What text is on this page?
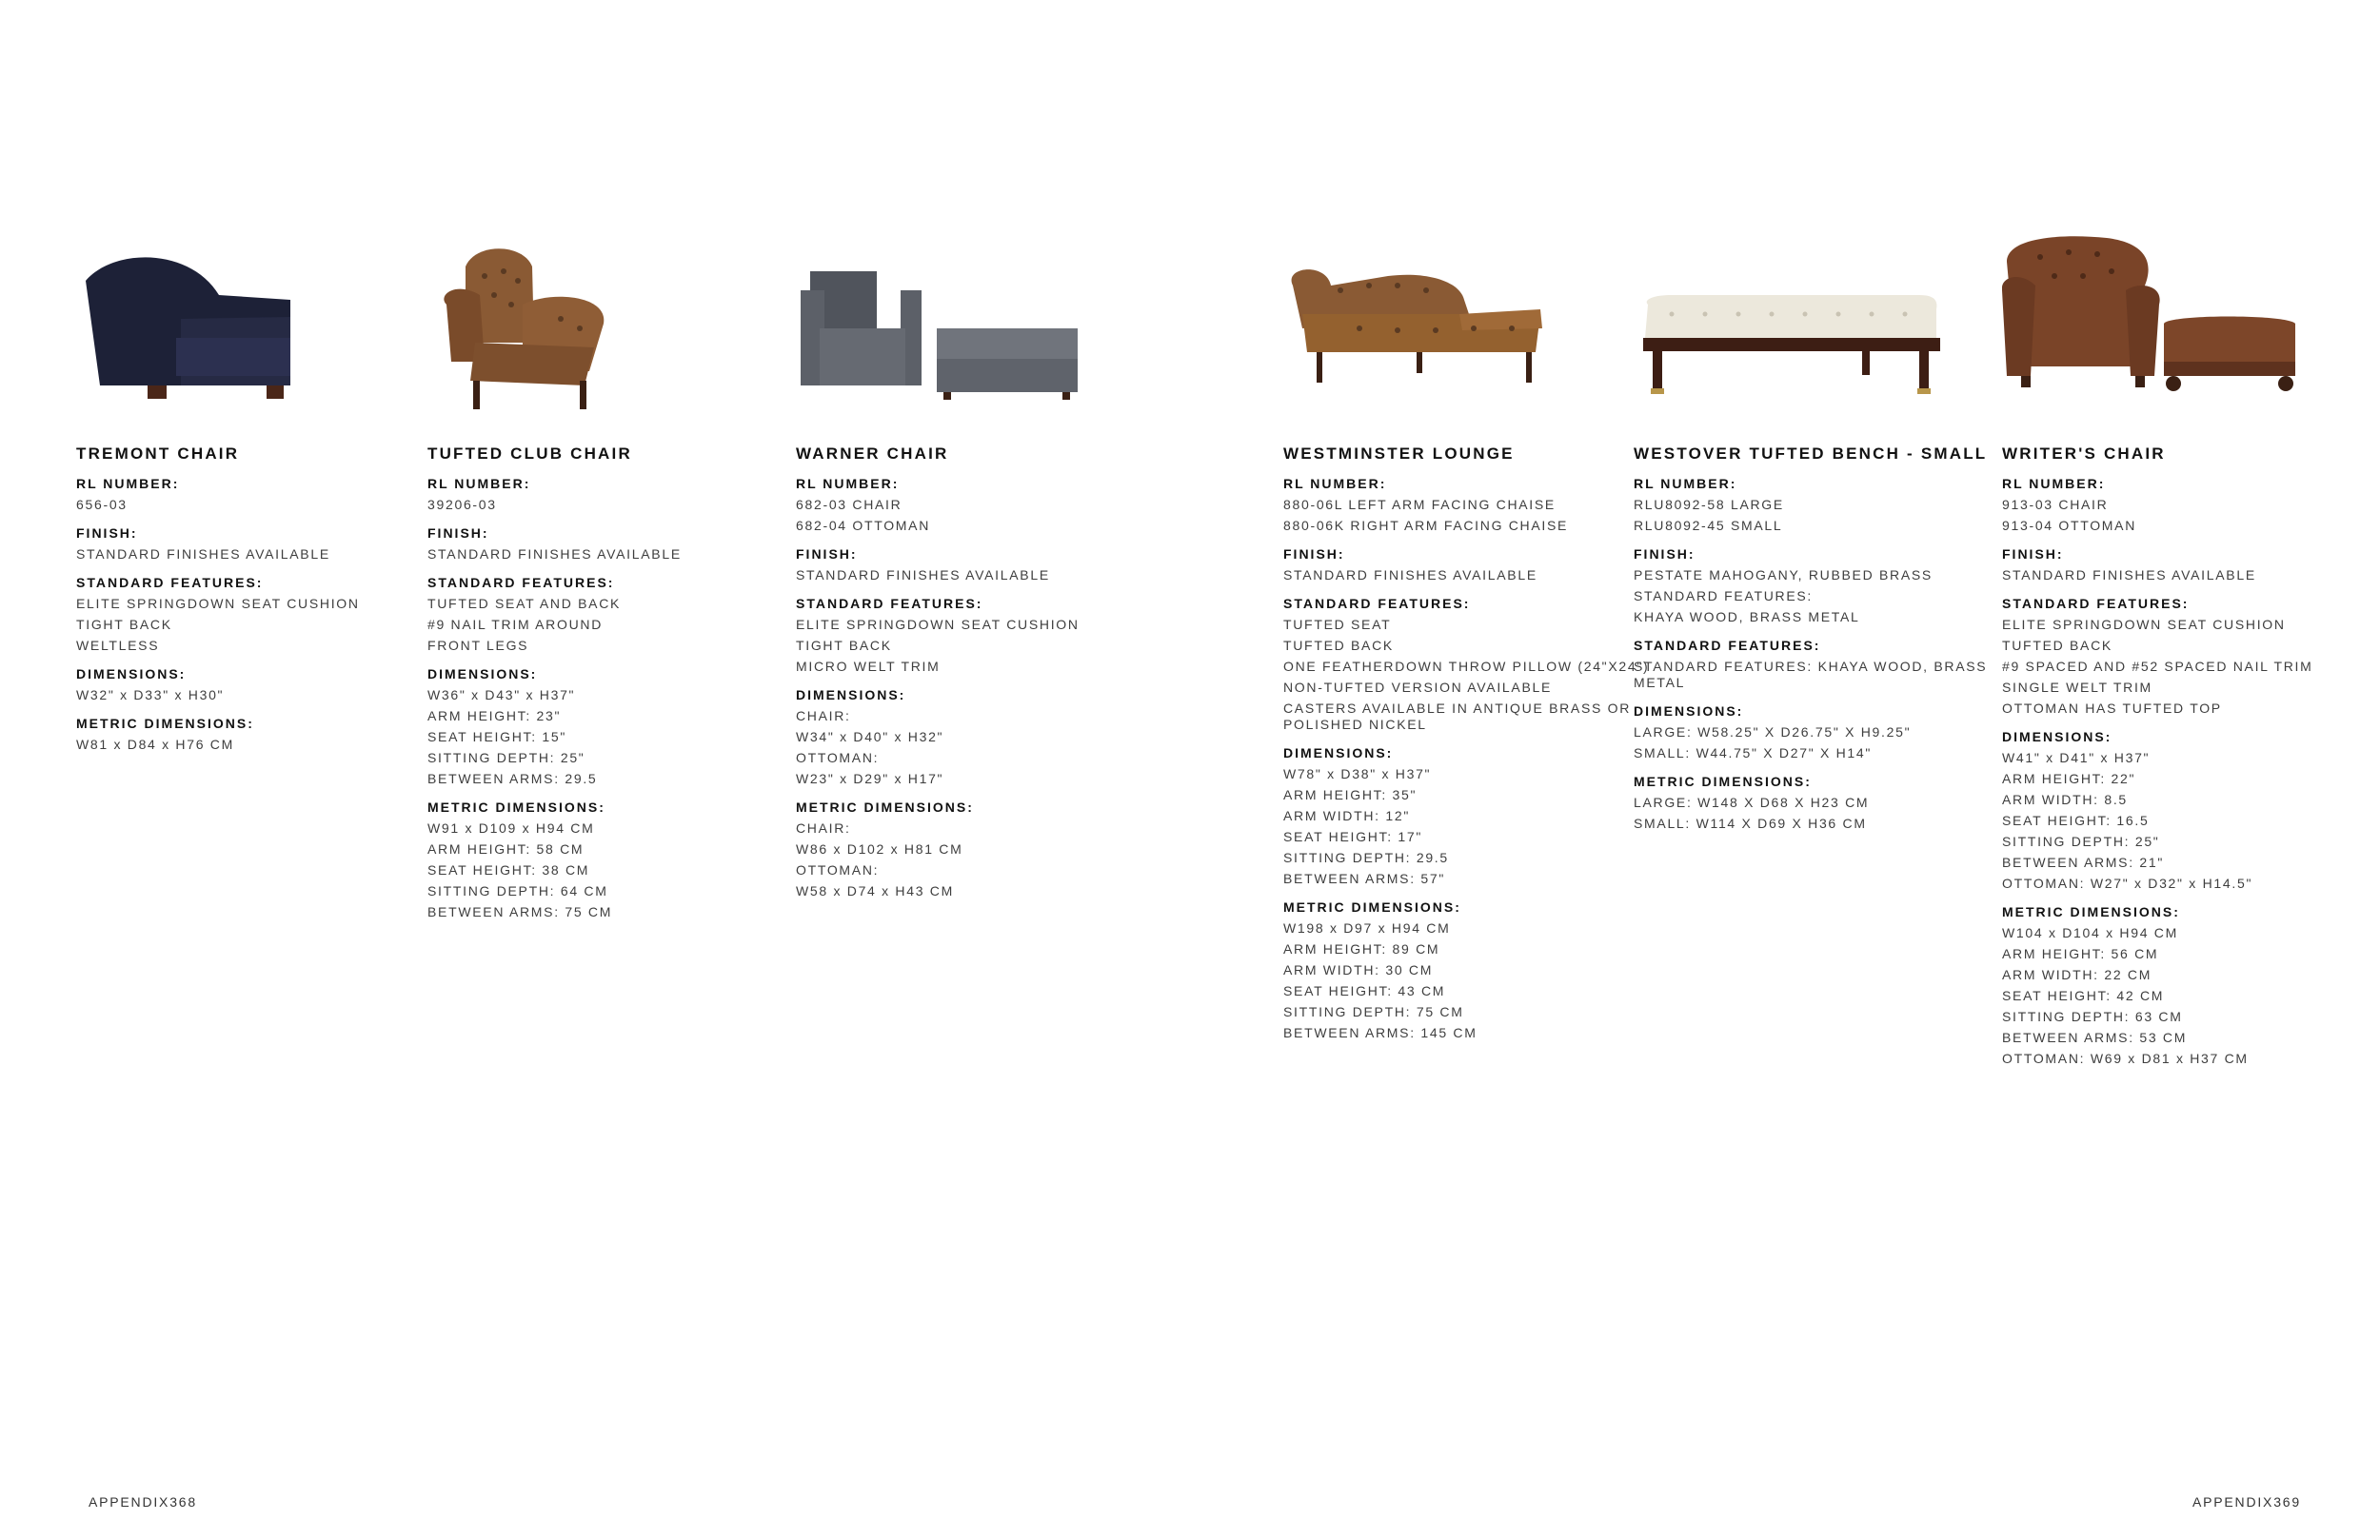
TREMONT CHAIR
RL NUMBER:
656-03
FINISH:
STANDARD FINISHES AVAILABLE
STANDARD FEATURES:
ELITE SPRINGDOWN SEAT CUSHION
TIGHT BACK
WELTLESS
DIMENSIONS:
W32" x D33" x H30"
METRIC DIMENSIONS:
W81 x D84 x H76 CM
TUFTED CLUB CHAIR
RL NUMBER:
39206-03
FINISH:
STANDARD FINISHES AVAILABLE
STANDARD FEATURES:
TUFTED SEAT AND BACK
#9 NAIL TRIM AROUND
FRONT LEGS
DIMENSIONS:
W36" x D43" x H37"
ARM HEIGHT: 23"
SEAT HEIGHT: 15"
SITTING DEPTH: 25"
BETWEEN ARMS: 29.5
METRIC DIMENSIONS:
W91 x D109 x H94 CM
ARM HEIGHT: 58 CM
SEAT HEIGHT: 38 CM
SITTING DEPTH: 64 CM
BETWEEN ARMS: 75 CM
WARNER CHAIR
RL NUMBER:
682-03 CHAIR
682-04 OTTOMAN
FINISH:
STANDARD FINISHES AVAILABLE
STANDARD FEATURES:
ELITE SPRINGDOWN SEAT CUSHION
TIGHT BACK
MICRO WELT TRIM
DIMENSIONS:
CHAIR:
W34" x D40" x H32"
OTTOMAN:
W23" x D29" x H17"
METRIC DIMENSIONS:
CHAIR:
W86 x D102 x H81 CM
OTTOMAN:
W58 x D74 x H43 CM
WESTMINSTER LOUNGE
RL NUMBER:
880-06L LEFT ARM FACING CHAISE
880-06K RIGHT ARM FACING CHAISE
FINISH:
STANDARD FINISHES AVAILABLE
STANDARD FEATURES:
TUFTED SEAT
TUFTED BACK
ONE FEATHERDOWN THROW PILLOW (24"X24")
NON-TUFTED VERSION AVAILABLE
CASTERS AVAILABLE IN ANTIQUE BRASS OR POLISHED NICKEL
DIMENSIONS:
W78" x D38" x H37"
ARM HEIGHT: 35"
ARM WIDTH: 12"
SEAT HEIGHT: 17"
SITTING DEPTH: 29.5
BETWEEN ARMS: 57"
METRIC DIMENSIONS:
W198 x D97 x H94 CM
ARM HEIGHT: 89 CM
ARM WIDTH: 30 CM
SEAT HEIGHT: 43 CM
SITTING DEPTH: 75 CM
BETWEEN ARMS: 145 CM
WESTOVER TUFTED BENCH - SMALL
RL NUMBER:
RLU8092-58 LARGE
RLU8092-45 SMALL
FINISH:
PESTATE MAHOGANY, RUBBED BRASS
STANDARD FEATURES:
KHAYA WOOD, BRASS METAL
STANDARD FEATURES:
STANDARD FEATURES: KHAYA WOOD, BRASS METAL
DIMENSIONS:
LARGE: W58.25" X D26.75" X H9.25"
SMALL: W44.75" X D27" X H14"
METRIC DIMENSIONS:
LARGE: W148 X D68 X H23 CM
SMALL: W114 X D69 X H36 CM
WRITER'S CHAIR
RL NUMBER:
913-03 CHAIR
913-04 OTTOMAN
FINISH:
STANDARD FINISHES AVAILABLE
STANDARD FEATURES:
ELITE SPRINGDOWN SEAT CUSHION
TUFTED BACK
#9 SPACED AND #52 SPACED NAIL TRIM
SINGLE WELT TRIM
OTTOMAN HAS TUFTED TOP
DIMENSIONS:
W41" x D41" x H37"
ARM HEIGHT: 22"
ARM WIDTH: 8.5
SEAT HEIGHT: 16.5
SITTING DEPTH: 25"
BETWEEN ARMS: 21"
OTTOMAN: W27" x D32" x H14.5"
METRIC DIMENSIONS:
W104 x D104 x H94 CM
ARM HEIGHT: 56 CM
ARM WIDTH: 22 CM
SEAT HEIGHT: 42 CM
SITTING DEPTH: 63 CM
BETWEEN ARMS: 53 CM
OTTOMAN: W69 x D81 x H37 CM
APPENDIX368	APPENDIX369
